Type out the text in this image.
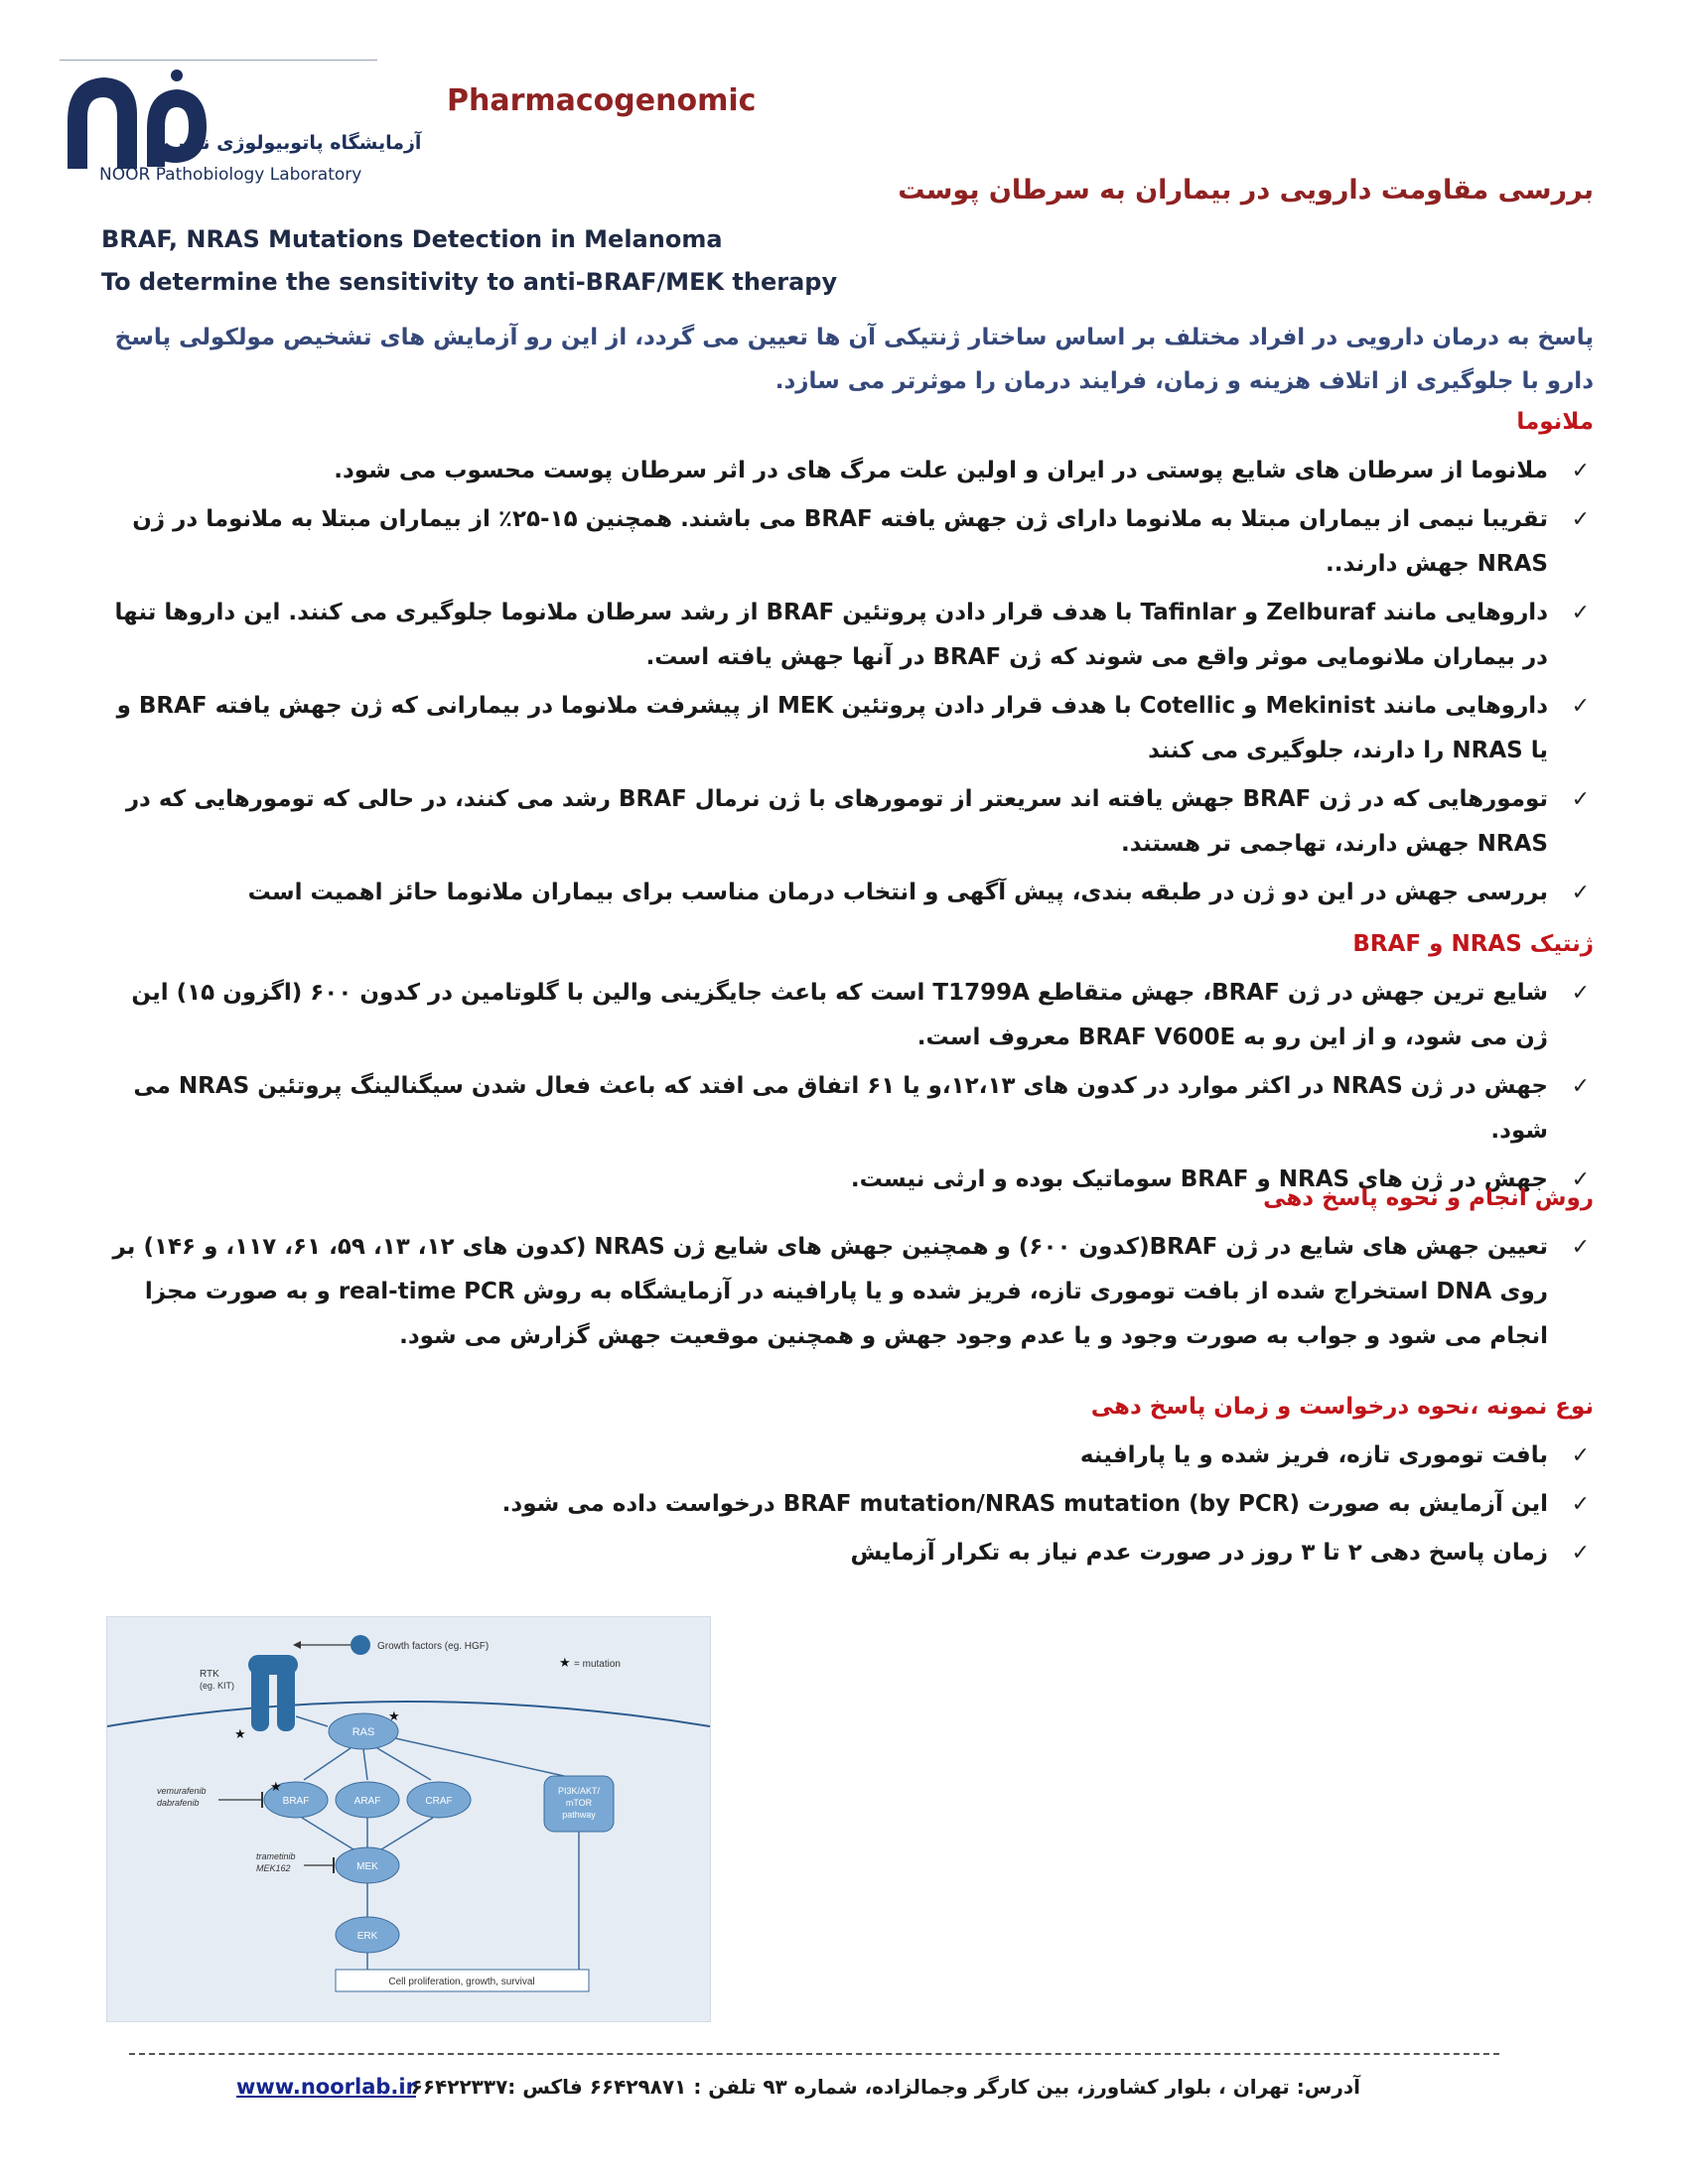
آزمایشگاه پاتوبیولوژی نـور
NOOR Pathobiology Laboratory
Pharmacogenomic
بررسی مقاومت دارویی در بیماران به سرطان پوست
BRAF, NRAS Mutations Detection in Melanoma
To determine the sensitivity to anti-BRAF/MEK therapy
پاسخ به درمان دارویی در افراد مختلف بر اساس ساختار ژنتیکی آن ها تعیین می گردد، از این رو آزمایش های تشخیص مولکولی پاسخ دارو با جلوگیری از اتلاف هزینه و زمان، فرایند درمان را موثرتر می سازد.
ملانوما
✓
ملانوما از سرطان های شایع پوستی در ایران و اولین علت مرگ های در اثر سرطان پوست محسوب می شود.
✓
تقریبا نیمی از بیماران مبتلا به ملانوما دارای ژن جهش یافته BRAF می باشند. همچنین ۱۵-۲۵٪ از بیماران مبتلا به ملانوما در ژن NRAS جهش دارند..
✓
داروهایی مانند Zelburaf و Tafinlar با هدف قرار دادن پروتئین BRAF از رشد سرطان ملانوما جلوگیری می کنند. این داروها تنها در بیماران ملانومایی موثر واقع می شوند که ژن BRAF در آنها جهش یافته است.
✓
داروهایی مانند Mekinist و Cotellic با هدف قرار دادن پروتئین MEK از پیشرفت ملانوما در بیمارانی که ژن جهش یافته BRAF و یا NRAS را دارند، جلوگیری می کنند
✓
تومورهایی که در ژن BRAF جهش یافته اند سریعتر از تومورهای با ژن نرمال BRAF رشد می کنند، در حالی که تومورهایی که در NRAS جهش دارند، تهاجمی تر هستند.
✓
بررسی جهش در این دو ژن در طبقه بندی، پیش آگهی و انتخاب درمان مناسب برای بیماران ملانوما حائز اهمیت است
ژنتیک NRAS و BRAF
✓
شایع ترین جهش در ژن BRAF، جهش متقاطع T1799A است که باعث جایگزینی والین با گلوتامین در کدون ۶۰۰ (اگزون ۱۵) این ژن می شود، و از این رو به BRAF V600E معروف است.
✓
جهش در ژن NRAS در اکثر موارد در کدون های ۱۲،۱۳،و یا ۶۱ اتفاق می افتد که باعث فعال شدن سیگنالینگ پروتئین NRAS می شود.
✓
جهش در ژن های NRAS و BRAF سوماتیک بوده و ارثی نیست.
روش انجام و نحوه پاسخ دهی
✓
تعیین جهش های شایع در ژن BRAF(کدون ۶۰۰) و همچنین جهش های شایع ژن NRAS (کدون های ۱۲، ۱۳، ۵۹، ۶۱، ۱۱۷، و ۱۴۶) بر روی DNA استخراج شده از بافت توموری تازه، فریز شده و یا پارافینه در آزمایشگاه به روش real-time PCR و به صورت مجزا انجام می شود و جواب به صورت وجود و یا عدم وجود جهش و همچنین موقعیت جهش گزارش می شود.
نوع نمونه ،نحوه درخواست و زمان پاسخ دهی
✓
بافت توموری تازه، فریز شده و یا پارافینه
✓
این آزمایش به صورت BRAF mutation/NRAS mutation (by PCR) درخواست داده می شود.
✓
زمان پاسخ دهی ۲ تا ۳ روز در صورت عدم نیاز به تکرار آزمایش
RTK
(eg. KIT)
Growth factors (eg. HGF)
★ = mutation
★	RAS
★
BRAF
★
ARAF	CRAF
PI3K/AKT/
mTOR
pathway
MEK
ERK
vemurafenib
dabrafenib
trametinib
MEK162
Cell proliferation, growth, survival
آدرس: تهران ، بلوار کشاورز، بین کارگر وجمالزاده، شماره ۹۳ تلفن : ۶۶۴۲۹۸۷۱ فاکس :۶۶۴۲۲۳۳۷
www.noorlab.ir
